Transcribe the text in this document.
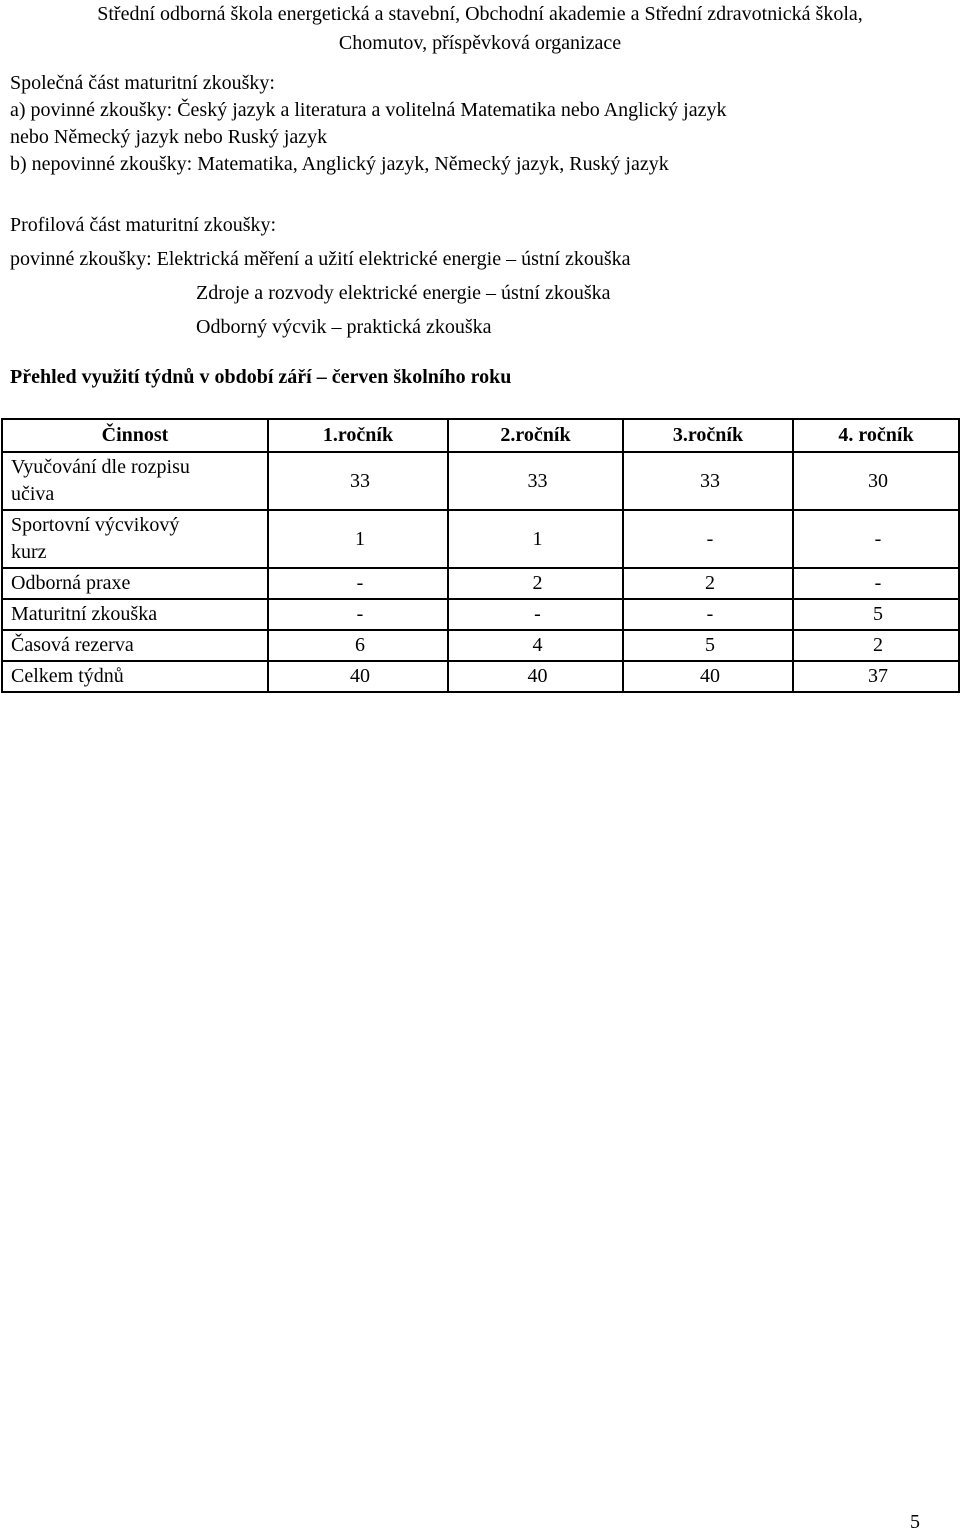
Střední odborná škola energetická a stavební, Obchodní akademie a Střední zdravotnická škola,
Chomutov, příspěvková organizace
Společná část maturitní zkoušky:
a) povinné zkoušky: Český jazyk a literatura a volitelná Matematika nebo Anglický jazyk
nebo Německý jazyk nebo Ruský jazyk
b) nepovinné zkoušky: Matematika, Anglický jazyk, Německý jazyk, Ruský jazyk
Profilová část maturitní zkoušky:
povinné zkoušky: Elektrická měření a užití elektrické energie – ústní zkouška
Zdroje a rozvody elektrické energie – ústní zkouška
Odborný výcvik – praktická zkouška
Přehled využití týdnů v období září – červen školního roku
Činnost	1.ročník	2.ročník	3.ročník	4. ročník

Vyučování dle rozpisu
učiva	33	33	33	30

Sportovní výcvikový
kurz	1	1	-	-
Odborná praxe	-	2	2	-
Maturitní zkouška	-	-	-	5
Časová rezerva	6	4	5	2
Celkem týdnů	40	40	40	37
5
